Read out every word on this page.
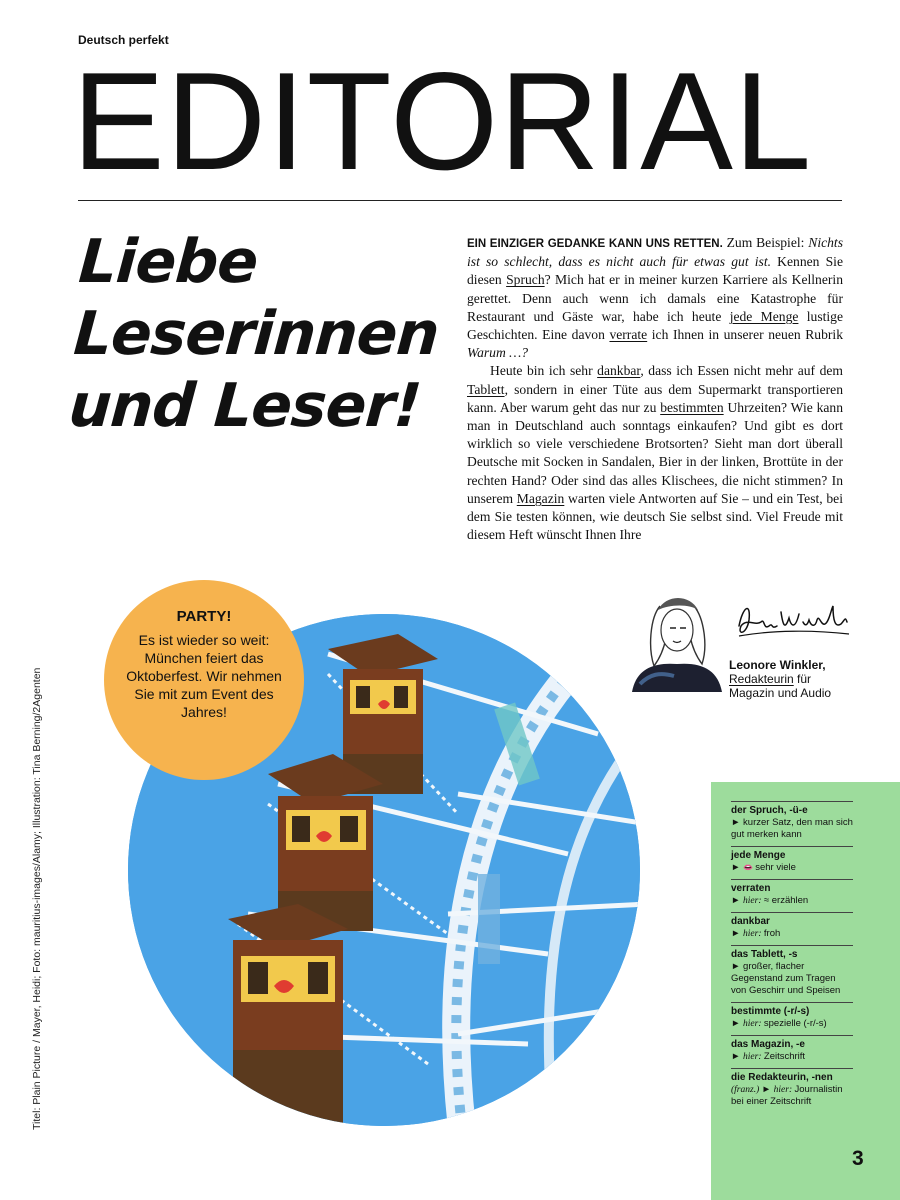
Deutsch perfekt
EDITORIAL
Liebe
Leserinnen
und Leser!

EIN EINZIGER GEDANKE KANN UNS RETTEN. Zum Beispiel: Nichts ist so schlecht, dass es nicht auch für etwas gut ist. Kennen Sie diesen Spruch? Mich hat er in meiner kurzen Karriere als Kellnerin gerettet. Denn auch wenn ich damals eine Katastrophe für Restaurant und Gäste war, habe ich heute jede Menge lustige Geschichten. Eine davon verrate ich Ihnen in unserer neuen Rubrik Warum …?

Heute bin ich sehr dankbar, dass ich Essen nicht mehr auf dem Tablett, sondern in einer Tüte aus dem Supermarkt transportieren kann. Aber warum geht das nur zu bestimmten Uhrzeiten? Wie kann man in Deutschland auch sonntags einkaufen? Und gibt es dort wirklich so viele verschiedene Brotsorten? Sieht man dort überall Deutsche mit Socken in Sandalen, Bier in der linken, Brottüte in der rechten Hand? Oder sind das alles Klischees, die nicht stimmen? In unserem Magazin warten viele Antworten auf Sie – und ein Test, bei dem Sie testen können, wie deutsch Sie selbst sind. Viel Freude mit diesem Heft wünscht Ihnen Ihre

PARTY!
Es ist wieder so weit: München feiert das Oktoberfest. Wir nehmen Sie mit zum Event des Jahres!
Titel: Plain Picture / Mayer, Heidi; Foto: mauritius-images/Alamy; Illustration: Tina Berning/2Agenten
Leonore Winkler,
Redakteurin für
Magazin und Audio
der Spruch, -ü-e
► kurzer Satz, den man sich gut merken kann
jede Menge
► 👄 sehr viele
verraten
► hier: ≈ erzählen
dankbar
► hier: froh
das Tablett, -s
► großer, flacher Gegenstand zum Tragen von Geschirr und Speisen
bestimmte (-r/-s)
► hier: spezielle (-r/-s)
das Magazin, -e
► hier: Zeitschrift
die Redakteurin, -nen
(franz.) ► hier: Journalistin bei einer Zeitschrift
3
